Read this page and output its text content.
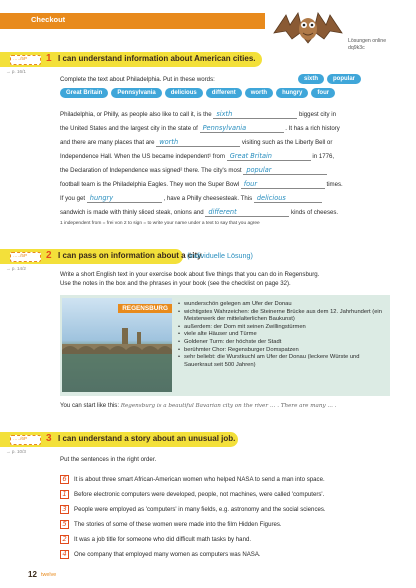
Checkout
Lösungen online
dq9k3c
…../5P	1 I can understand information about American cities.
→ p. 16/1
Complete the text about Philadelphia. Put in these words:	sixth	popular
Great Britain	Pennsylvania	delicious	different	worth	hungry	four
Philadelphia, or Philly, as people also like to call it, is the sixth	biggest city in
the United States and the largest city in the state of Pennsylvania	. It has a rich history
and there are many places that are worth	visiting such as the Liberty Bell or
Independence Hall. When the US became independent¹ from Great Britain	in 1776,
the Declaration of Independence was signed² there. The city's most popular
football team is the Philadelphia Eagles. They won the Super Bowl four	times.
If you get hungry	, have a Philly cheesesteak. This delicious
sandwich is made with thinly sliced steak, onions and different	kinds of cheeses.
1 independent from = frei von 2 to sign = to write your name under a text to say that you agree
…../5P	2 I can pass on information about a city.
(individuelle Lösung)
→ p. 14/2
Write a short English text in your exercise book about five things that you can do in Regensburg.
Use the notes in the box and the phrases in your book (see the checklist on page 32).
REGENSBURG
• wunderschön gelegen am Ufer der Donau
• wichtigstes Wahrzeichen: die Steinerne Brücke aus dem 12. Jahrhundert (ein Meisterwerk der mittelalterlichen Baukunst)
• außerdem: der Dom mit seinen Zwillingstürmen
• viele alte Häuser und Türme
• Goldener Turm: der höchste der Stadt
• berühmter Chor: Regensburger Domspatzen
• sehr beliebt: die Wurstkuchl am Ufer der Donau (leckere Würste und Sauerkraut seit 500 Jahren)
You can start like this: Regensburg is a beautiful Bavarian city on the river … . There are many … .
…../6P	3 I can understand a story about an unusual job.
→ p. 10/3
Put the sentences in the right order.
6	It is about three smart African-American women who helped NASA to send a man into space.
1	Before electronic computers were developed, people, not machines, were called 'computers'.
3	People were employed as 'computers' in many fields, e.g. astronomy and the social sciences.
5	The stories of some of these women were made into the film Hidden Figures.
2	It was a job title for someone who did difficult math tasks by hand.
4	One company that employed many women as computers was NASA.
12 twelve
